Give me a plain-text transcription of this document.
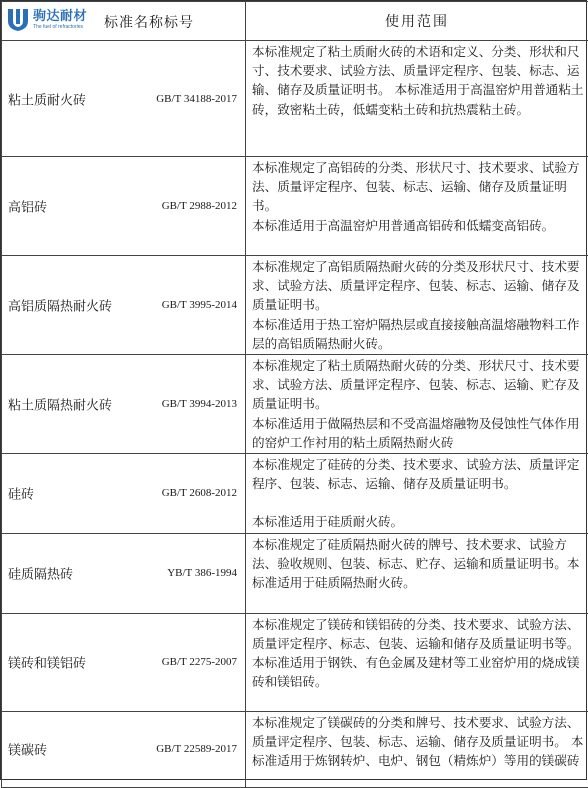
驹达耐材
The fuel of refractories 标准名称标号	使用范围

粘土质耐火砖 GB/T 34188-2017	本标准规定了粘土质耐火砖的术语和定义、分类、形状和尺寸、技术要求、试验方法、质量评定程序、包装、标志、运输、储存及质量证明书。 本标准适用于高温窑炉用普通粘土砖，致密粘土砖，低蠕变粘土砖和抗热震粘土砖。

高铝砖 GB/T 2988-2012	本标准规定了高铝砖的分类、形状尺寸、技术要求、试验方法、质量评定程序、包装、标志、运输、储存及质量证明书。
本标准适用于高温窑炉用普通高铝砖和低蠕变高铝砖。

高铝质隔热耐火砖 GB/T 3995-2014	本标准规定了高铝质隔热耐火砖的分类及形状尺寸、技术要求、试验方法、质量评定程序、包装、标志、运输、储存及质量证明书。
本标准适用于热工窑炉隔热层或直接接触高温熔融物料工作层的高铝质隔热耐火砖。

粘土质隔热耐火砖 GB/T 3994-2013	本标准规定了粘土质隔热耐火砖的分类、形状尺寸、技术要求、试验方法、质量评定程序、包装、标志、运输、贮存及质量证明书。
本标准适用于做隔热层和不受高温熔融物及侵蚀性气体作用的窑炉工作衬用的粘土质隔热耐火砖

硅砖 GB/T 2608-2012	本标准规定了硅砖的分类、技术要求、试验方法、质量评定程序、包装、标志、运输、储存及质量证明书。
本标准适用于硅质耐火砖。

硅质隔热砖 YB/T 386-1994	本标准规定了硅质隔热耐火砖的牌号、技术要求、试验方法、验收规则、包装、标志、贮存、运输和质量证明书。本标准适用于硅质隔热耐火砖。

镁砖和镁铝砖 GB/T 2275-2007	本标准规定了镁砖和镁铝砖的分类、技术要求、试验方法、质量评定程序、标志、包装、运输和储存及质量证明书等。 本标准适用于钢铁、有色金属及建材等工业窑炉用的烧成镁砖和镁铝砖。

镁碳砖 GB/T 22589-2017	本标准规定了镁碳砖的分类和牌号、技术要求、试验方法、质量评定程序、包装、标志、运输、储存及质量证明书。 本标准适用于炼钢转炉、电炉、钢包（精炼炉）等用的镁碳砖
